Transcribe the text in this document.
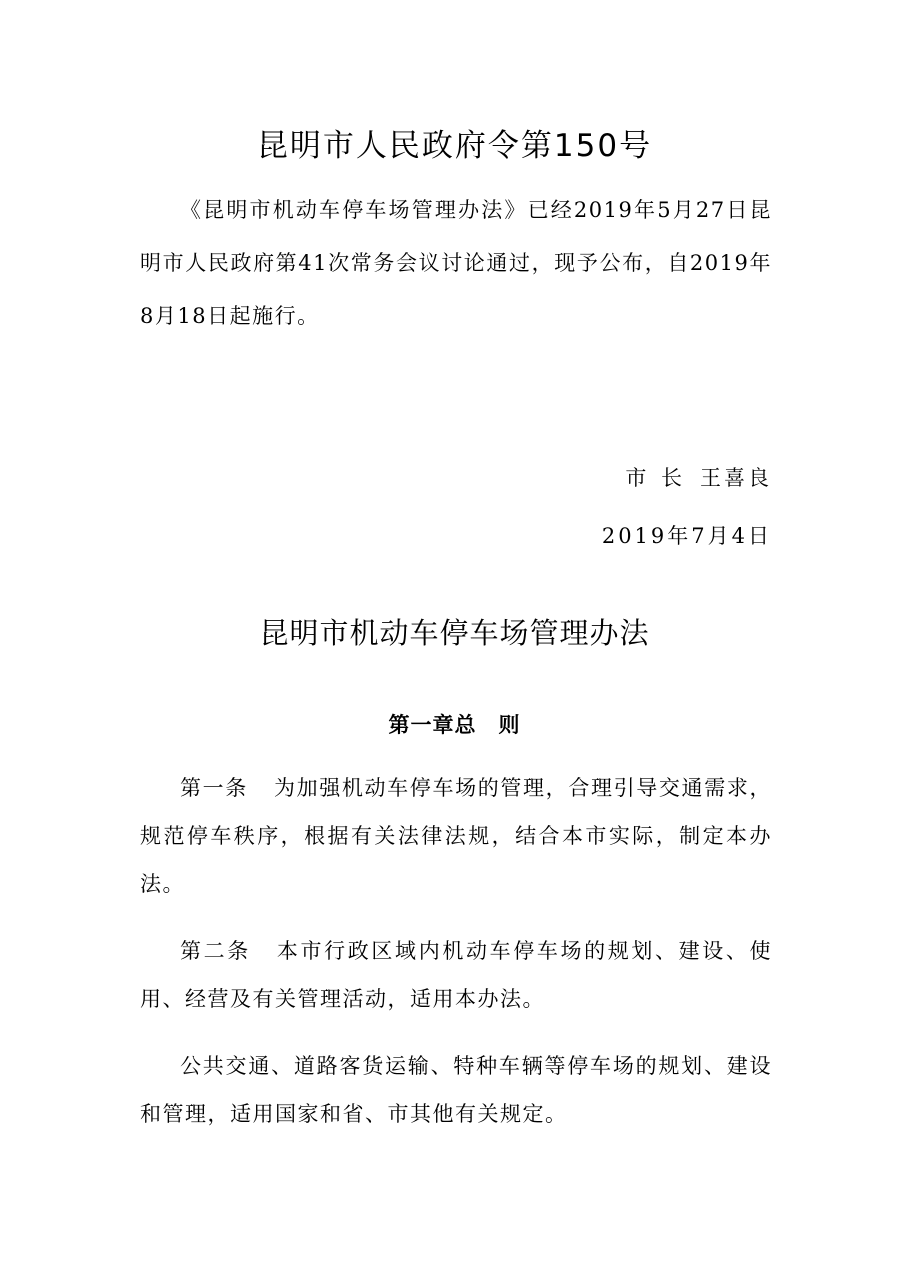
昆明市人民政府令第150号

《昆明市机动车停车场管理办法》已经2019年5月27日昆明市人民政府第41次常务会议讨论通过，现予公布，自2019年8月18日起施行。

市 长 王喜良
2019年7月4日
昆明市机动车停车场管理办法
第一章总　则

第一条 为加强机动车停车场的管理，合理引导交通需求，规范停车秩序，根据有关法律法规，结合本市实际，制定本办法。

第二条 本市行政区域内机动车停车场的规划、建设、使用、经营及有关管理活动，适用本办法。

公共交通、道路客货运输、特种车辆等停车场的规划、建设和管理，适用国家和省、市其他有关规定。
